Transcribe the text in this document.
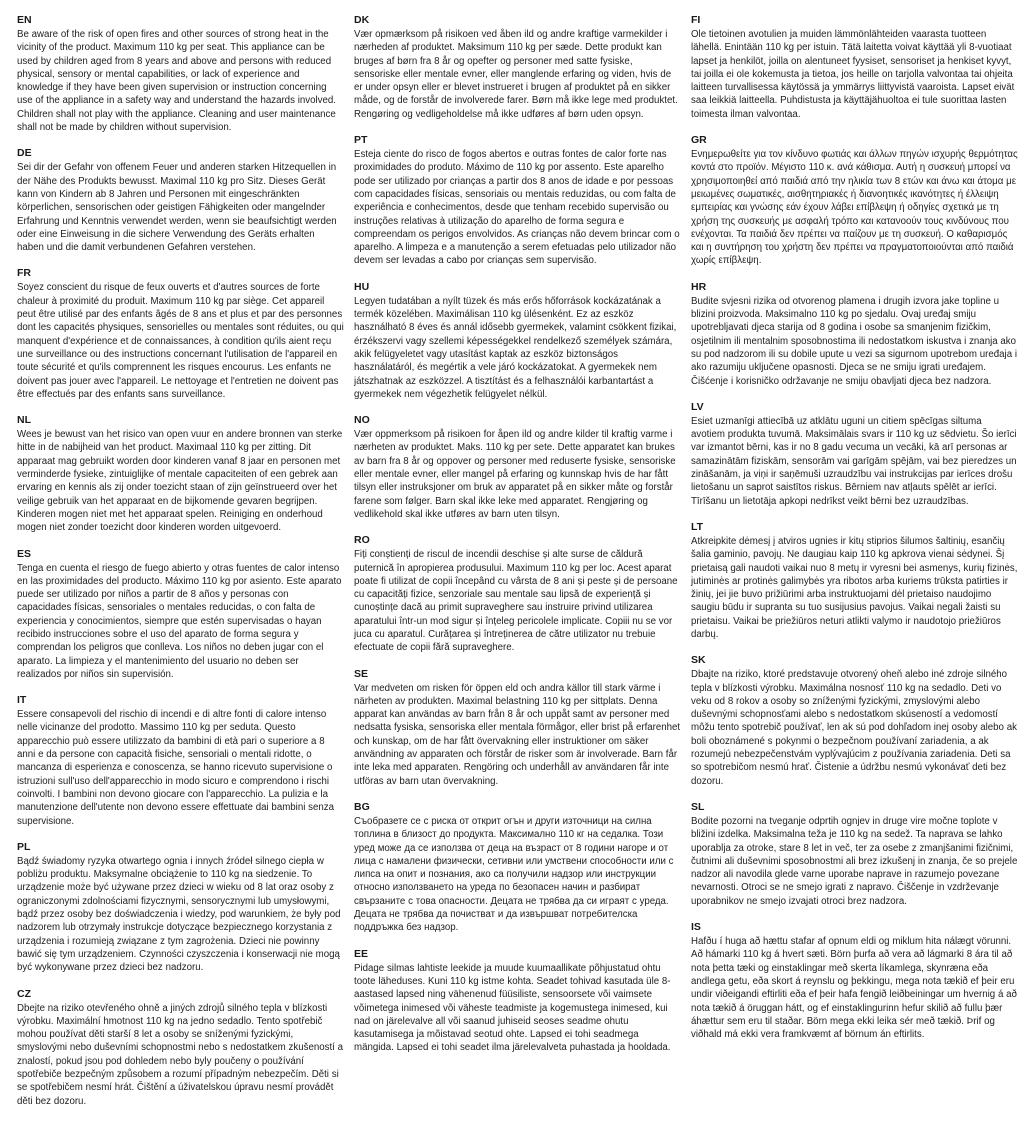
EN

Be aware of the risk of open fires and other sources of strong heat in the vicinity of the product. Maximum 110 kg per seat. This appliance can be used by children aged from 8 years and above and persons with reduced physical, sensory or mental capabilities, or lack of experience and knowledge if they have been given supervision or instruction concerning use of the appliance in a safety way and understand the hazards involved. Children shall not play with the appliance. Cleaning and user maintenance shall not be made by children without supervision.

DE

Sei dir der Gefahr von offenem Feuer und anderen starken Hitzequellen in der Nähe des Produkts bewusst. Maximal 110 kg pro Sitz. Dieses Gerät kann von Kindern ab 8 Jahren und Personen mit eingeschränkten körperlichen, sensorischen oder geistigen Fähigkeiten oder mangelnder Erfahrung und Kenntnis verwendet werden, wenn sie beaufsichtigt werden oder eine Einweisung in die sichere Verwendung des Geräts erhalten haben und die damit verbundenen Gefahren verstehen.

FR

Soyez conscient du risque de feux ouverts et d'autres sources de forte chaleur à proximité du produit. Maximum 110 kg par siège. Cet appareil peut être utilisé par des enfants âgés de 8 ans et plus et par des personnes dont les capacités physiques, sensorielles ou mentales sont réduites, ou qui manquent d'expérience et de connaissances, à condition qu'ils aient reçu une surveillance ou des instructions concernant l'utilisation de l'appareil en toute sécurité et qu'ils comprennent les risques encourus. Les enfants ne doivent pas jouer avec l'appareil. Le nettoyage et l'entretien ne doivent pas être effectués par des enfants sans surveillance.

NL

Wees je bewust van het risico van open vuur en andere bronnen van sterke hitte in de nabijheid van het product. Maximaal 110 kg per zitting. Dit apparaat mag gebruikt worden door kinderen vanaf 8 jaar en personen met verminderde fysieke, zintuiglijke of mentale capaciteiten of een gebrek aan ervaring en kennis als zij onder toezicht staan of zijn geïnstrueerd over het veilige gebruik van het apparaat en de bijkomende gevaren begrijpen. Kinderen mogen niet met het apparaat spelen. Reiniging en onderhoud mogen niet zonder toezicht door kinderen worden uitgevoerd.

ES

Tenga en cuenta el riesgo de fuego abierto y otras fuentes de calor intenso en las proximidades del producto. Máximo 110 kg por asiento. Este aparato puede ser utilizado por niños a partir de 8 años y personas con capacidades físicas, sensoriales o mentales reducidas, o con falta de experiencia y conocimientos, siempre que estén supervisadas o hayan recibido instrucciones sobre el uso del aparato de forma segura y comprendan los peligros que conlleva. Los niños no deben jugar con el aparato. La limpieza y el mantenimiento del usuario no deben ser realizados por niños sin supervisión.

IT

Essere consapevoli del rischio di incendi e di altre fonti di calore intenso nelle vicinanze del prodotto. Massimo 110 kg per seduta. Questo apparecchio può essere utilizzato da bambini di età pari o superiore a 8 anni e da persone con capacità fisiche, sensoriali o mentali ridotte, o mancanza di esperienza e conoscenza, se hanno ricevuto supervisione o istruzioni sull'uso dell'apparecchio in modo sicuro e comprendono i rischi coinvolti. I bambini non devono giocare con l'apparecchio. La pulizia e la manutenzione dell'utente non devono essere effettuate dai bambini senza supervisione.

PL

Bądź świadomy ryzyka otwartego ognia i innych źródeł silnego ciepła w pobliżu produktu. Maksymalne obciążenie to 110 kg na siedzenie. To urządzenie może być używane przez dzieci w wieku od 8 lat oraz osoby z ograniczonymi zdolnościami fizycznymi, sensorycznymi lub umysłowymi, bądź przez osoby bez doświadczenia i wiedzy, pod warunkiem, że były pod nadzorem lub otrzymały instrukcje dotyczące bezpiecznego korzystania z urządzenia i rozumieją związane z tym zagrożenia. Dzieci nie powinny bawić się tym urządzeniem. Czynności czyszczenia i konserwacji nie mogą być wykonywane przez dzieci bez nadzoru.

CZ

Dbejte na riziko otevřeného ohně a jiných zdrojů silného tepla v blízkosti výrobku. Maximální hmotnost 110 kg na jedno sedadlo. Tento spotřebič mohou používat děti starší 8 let a osoby se sníženými fyzickými, smyslovými nebo duševními schopnostmi nebo s nedostatkem zkušeností a znalostí, pokud jsou pod dohledem nebo byly poučeny o používání spotřebiče bezpečným způsobem a rozumí případným nebezpečím. Děti si se spotřebičem nesmí hrát. Čištění a úživatelskou úpravu nesmí provádět děti bez dozoru.

DK

Vær opmærksom på risikoen ved åben ild og andre kraftige varmekilder i nærheden af produktet. Maksimum 110 kg per sæde. Dette produkt kan bruges af børn fra 8 år og opefter og personer med satte fysiske, sensoriske eller mentale evner, eller manglende erfaring og viden, hvis de er under opsyn eller er blevet instrueret i brugen af produktet på en sikker måde, og de forstår de involverede farer. Børn må ikke lege med produktet. Rengøring og vedligeholdelse må ikke udføres af børn uden opsyn.

PT

Esteja ciente do risco de fogos abertos e outras fontes de calor forte nas proximidades do produto. Máximo de 110 kg por assento. Este aparelho pode ser utilizado por crianças a partir dos 8 anos de idade e por pessoas com capacidades físicas, sensoriais ou mentais reduzidas, ou com falta de experiência e conhecimentos, desde que tenham recebido supervisão ou instruções relativas à utilização do aparelho de forma segura e compreendam os perigos envolvidos. As crianças não devem brincar com o aparelho. A limpeza e a manutenção a serem efetuadas pelo utilizador não devem ser levadas a cabo por crianças sem supervisão.

HU

Legyen tudatában a nyílt tüzek és más erős hőforrások kockázatának a termék közelében. Maximálisan 110 kg ülésenként. Ez az eszköz használható 8 éves és annál idősebb gyermekek, valamint csökkent fizikai, érzékszervi vagy szellemi képességekkel rendelkező személyek számára, akik felügyeletet vagy utasítást kaptak az eszköz biztonságos használatáról, és megértik a vele járó kockázatokat. A gyermekek nem játszhatnak az eszközzel. A tisztítást és a felhasználói karbantartást a gyermekek nem végezhetik felügyelet nélkül.

NO

Vær oppmerksom på risikoen for åpen ild og andre kilder til kraftig varme i nærheten av produktet. Maks. 110 kg per sete. Dette apparatet kan brukes av barn fra 8 år og oppover og personer med reduserte fysiske, sensoriske eller mentale evner, eller mangel på erfaring og kunnskap hvis de har fått tilsyn eller instruksjoner om bruk av apparatet på en sikker måte og forstår farene som følger. Barn skal ikke leke med apparatet. Rengjøring og vedlikehold skal ikke utføres av barn uten tilsyn.

RO

Fiți conștienți de riscul de incendii deschise și alte surse de căldură puternică în apropierea produsului. Maximum 110 kg per loc. Acest aparat poate fi utilizat de copii începând cu vârsta de 8 ani și peste și de persoane cu capacități fizice, senzoriale sau mentale sau lipsă de experiență și cunoștințe dacă au primit supraveghere sau instruire privind utilizarea aparatului într-un mod sigur și înțeleg pericolele implicate. Copiii nu se vor juca cu aparatul. Curățarea și întreținerea de către utilizator nu trebuie efectuate de copii fără supraveghere.

SE

Var medveten om risken för öppen eld och andra källor till stark värme i närheten av produkten. Maximal belastning 110 kg per sittplats. Denna apparat kan användas av barn från 8 år och uppåt samt av personer med nedsatta fysiska, sensoriska eller mentala förmågor, eller brist på erfarenhet och kunskap, om de har fått övervakning eller instruktioner om säker användning av apparaten och förstår de risker som är involverade. Barn får inte leka med apparaten. Rengöring och underhåll av användaren får inte utföras av barn utan övervakning.

BG

Съобразете се с риска от открит огън и други източници на силна топлина в близост до продукта. Максимално 110 кг на седалка. Този уред може да се използва от деца на възраст от 8 години нагоре и от лица с намалени физически, сетивни или умствени способности или с липса на опит и познания, ако са получили надзор или инструкции относно използването на уреда по безопасен начин и разбират свързаните с това опасности. Децата не трябва да си играят с уреда. Децата не трябва да почистват и да извършват потребителска поддръжка без надзор.

EE

Pidage silmas lahtiste leekide ja muude kuumaallikate põhjustatud ohtu toote läheduses. Kuni 110 kg istme kohta. Seadet tohivad kasutada üle 8-aastased lapsed ning vähenenud füüsiliste, sensoorsete või vaimsete võimetega inimesed või väheste teadmiste ja kogemustega inimesed, kui nad on järelevalve all või saanud juhiseid seoses seadme ohutu kasutamisega ja mõistavad seotud ohte. Lapsed ei tohi seadmega mängida. Lapsed ei tohi seadet ilma järelevalveta puhastada ja hooldada.

FI

Ole tietoinen avotulien ja muiden lämmönlähteiden vaarasta tuotteen lähellä. Enintään 110 kg per istuin. Tätä laitetta voivat käyttää yli 8-vuotiaat lapset ja henkilöt, joilla on alentuneet fyysiset, sensoriset ja henkiset kyvyt, tai joilla ei ole kokemusta ja tietoa, jos heille on tarjolla valvontaa tai ohjeita laitteen turvallisessa käytössä ja ymmärrys liittyvistä vaaroista. Lapset eivät saa leikkiä laitteella. Puhdistusta ja käyttäjähuoltoa ei tule suorittaa lasten toimesta ilman valvontaa.

GR

Ενημερωθείτε για τον κίνδυνο φωτιάς και άλλων πηγών ισχυρής θερμότητας κοντά στο προϊόν. Μέγιστο 110 κ. ανά κάθισμα. Αυτή η συσκευή μπορεί να χρησιμοποιηθεί από παιδιά από την ηλικία των 8 ετών και άνω και άτομα με μειωμένες σωματικές, αισθητηριακές ή διανοητικές ικανότητες ή έλλειψη εμπειρίας και γνώσης εάν έχουν λάβει επίβλεψη ή οδηγίες σχετικά με τη χρήση της συσκευής με ασφαλή τρόπο και κατανοούν τους κινδύνους που ενέχονται. Τα παιδιά δεν πρέπει να παίζουν με τη συσκευή. Ο καθαρισμός και η συντήρηση του χρήστη δεν πρέπει να πραγματοποιούνται από παιδιά χωρίς επίβλεψη.

HR

Budite svjesni rizika od otvorenog plamena i drugih izvora jake topline u blizini proizvoda. Maksimalno 110 kg po sjedalu. Ovaj uređaj smiju upotrebljavati djeca starija od 8 godina i osobe sa smanjenim fizičkim, osjetilnim ili mentalnim sposobnostima ili nedostatkom iskustva i znanja ako su pod nadzorom ili su dobile upute u vezi sa sigurnom upotrebom uređaja i ako razumiju uključene opasnosti. Djeca se ne smiju igrati uređajem. Čišćenje i korisničko održavanje ne smiju obavljati djeca bez nadzora.

LV

Esiet uzmanīgi attiecībā uz atklātu uguni un citiem spēcīgas siltuma avotiem produkta tuvumā. Maksimālais svars ir 110 kg uz sēdvietu. Šo ierīci var izmantot bērni, kas ir no 8 gadu vecuma un vecāki, kā arī personas ar samazinātām fiziskām, sensorām vai garīgām spējām, vai bez pieredzes un zināšanām, ja viņi ir saņēmuši uzraudzību vai instrukcijas par ierīces drošu lietošanu un saprot saistītos riskus. Bērniem nav atļauts spēlēt ar ierīci. Tīrīšanu un lietotāja apkopi nedrīkst veikt bērni bez uzraudzības.

LT

Atkreipkite dėmesį į atviros ugnies ir kitų stiprios šilumos šaltinių, esančių šalia gaminio, pavojų. Ne daugiau kaip 110 kg apkrova vienai sėdynei. Šį prietaisą gali naudoti vaikai nuo 8 metų ir vyresni bei asmenys, kurių fizinės, jutiminės ar protinės galimybės yra ribotos arba kuriems trūksta patirties ir žinių, jei jie buvo prižiūrimi arba instruktuojami dėl prietaiso naudojimo saugiu būdu ir supranta su tuo susijusius pavojus. Vaikai negali žaisti su prietaisu. Vaikai be priežiūros neturi atlikti valymo ir naudotojo priežiūros darbų.

SK

Dbajte na riziko, ktoré predstavuje otvorený oheň alebo iné zdroje silného tepla v blízkosti výrobku. Maximálna nosnosť 110 kg na sedadlo. Deti vo veku od 8 rokov a osoby so zníženými fyzickými, zmyslovými alebo duševnými schopnosťami alebo s nedostatkom skúseností a vedomostí môžu tento spotrebič používať, len ak sú pod dohľadom inej osoby alebo ak boli oboznámené s pokynmi o bezpečnom používaní zariadenia, a ak rozumejú nebezpečenstvám vyplývajúcim z používania zariadenia. Deti sa so spotrebičom nesmú hrať. Čistenie a údržbu nesmú vykonávať deti bez dozoru.

SL

Bodite pozorni na tveganje odprtih ognjev in druge vire močne toplote v bližini izdelka. Maksimalna teža je 110 kg na sedež. Ta naprava se lahko uporablja za otroke, stare 8 let in več, ter za osebe z zmanjšanimi fizičnimi, čutnimi ali duševnimi sposobnostmi ali brez izkušenj in znanja, če so prejele nadzor ali navodila glede varne uporabe naprave in razumejo povezane nevarnosti. Otroci se ne smejo igrati z napravo. Čiščenje in vzdrževanje uporabnikov ne smejo izvajati otroci brez nadzora.

IS

Hafðu í huga að hættu stafar af opnum eldi og miklum hita nálægt vörunni. Að hámarki 110 kg á hvert sæti. Börn þurfa að vera að lágmarki 8 ára til að nota þetta tæki og einstaklingar með skerta líkamlega, skynræna eða andlega getu, eða skort á reynslu og þekkingu, mega nota tækið ef þeir eru undir viðeigandi eftirliti eða ef þeir hafa fengið leiðbeiningar um hvernig á að nota tækið á öruggan hátt, og ef einstaklingurinn hefur skilið að fullu þær áhættur sem eru til staðar. Börn mega ekki leika sér með tækið. Þrif og viðhald má ekki vera framkvæmt af börnum án eftirlits.
